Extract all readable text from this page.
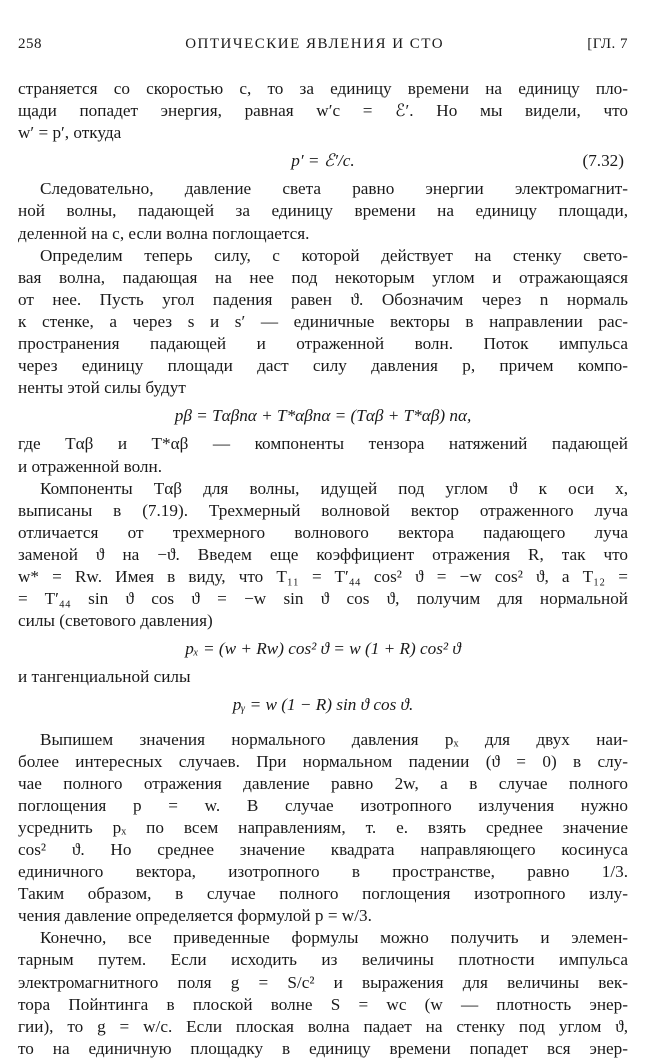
258	ОПТИЧЕСКИЕ ЯВЛЕНИЯ И СТО	[ГЛ. 7
страняется со скоростью c, то за единицу времени на единицу пло-
щади попадет энергия, равная w′c = ℰ′. Но мы видели, что
w′ = p′, откуда
p′ = ℰ′/c.	(7.32)
Следовательно, давление света равно энергии электромагнит-
ной волны, падающей за единицу времени на единицу площади,
деленной на c, если волна поглощается.
Определим теперь силу, с которой действует на стенку свето-
вая волна, падающая на нее под некоторым углом и отражающаяся
от нее. Пусть угол падения равен ϑ. Обозначим через n нормаль
к стенке, а через s и s′ — единичные векторы в направлении рас-
пространения падающей и отраженной волн. Поток импульса
через единицу площади даст силу давления p, причем компо-
ненты этой силы будут
pβ = Tαβnα + T*αβnα = (Tαβ + T*αβ) nα,
где Tαβ и T*αβ — компоненты тензора натяжений падающей
и отраженной волн.
Компоненты Tαβ для волны, идущей под углом ϑ к оси x,
выписаны в (7.19). Трехмерный волновой вектор отраженного луча
отличается от трехмерного волнового вектора падающего луча
заменой ϑ на −ϑ. Введем еще коэффициент отражения R, так что
w* = Rw. Имея в виду, что T₁₁ = T′₄₄ cos² ϑ = −w cos² ϑ, а T₁₂ =
= T′₄₄ sin ϑ cos ϑ = −w sin ϑ cos ϑ, получим для нормальной
силы (светового давления)
pₓ = (w + Rw) cos² ϑ = w (1 + R) cos² ϑ
и тангенциальной силы
pᵧ = w (1 − R) sin ϑ cos ϑ.
Выпишем значения нормального давления pₓ для двух наи-
более интересных случаев. При нормальном падении (ϑ = 0) в слу-
чае полного отражения давление равно 2w, а в случае полного
поглощения p = w. В случае изотропного излучения нужно
усреднить pₓ по всем направлениям, т. е. взять среднее значение
cos² ϑ. Но среднее значение квадрата направляющего косинуса
единичного вектора, изотропного в пространстве, равно 1/3.
Таким образом, в случае полного поглощения изотропного излу-
чения давление определяется формулой p = w/3.
Конечно, все приведенные формулы можно получить и элемен-
тарным путем. Если исходить из величины плотности импульса
электромагнитного поля g = S/c² и выражения для величины век-
тора Пойнтинга в плоской волне S = wc (w — плотность энер-
гии), то g = w/c. Если плоская волна падает на стенку под углом ϑ,
то на единичную площадку в единицу времени попадет вся энер-
